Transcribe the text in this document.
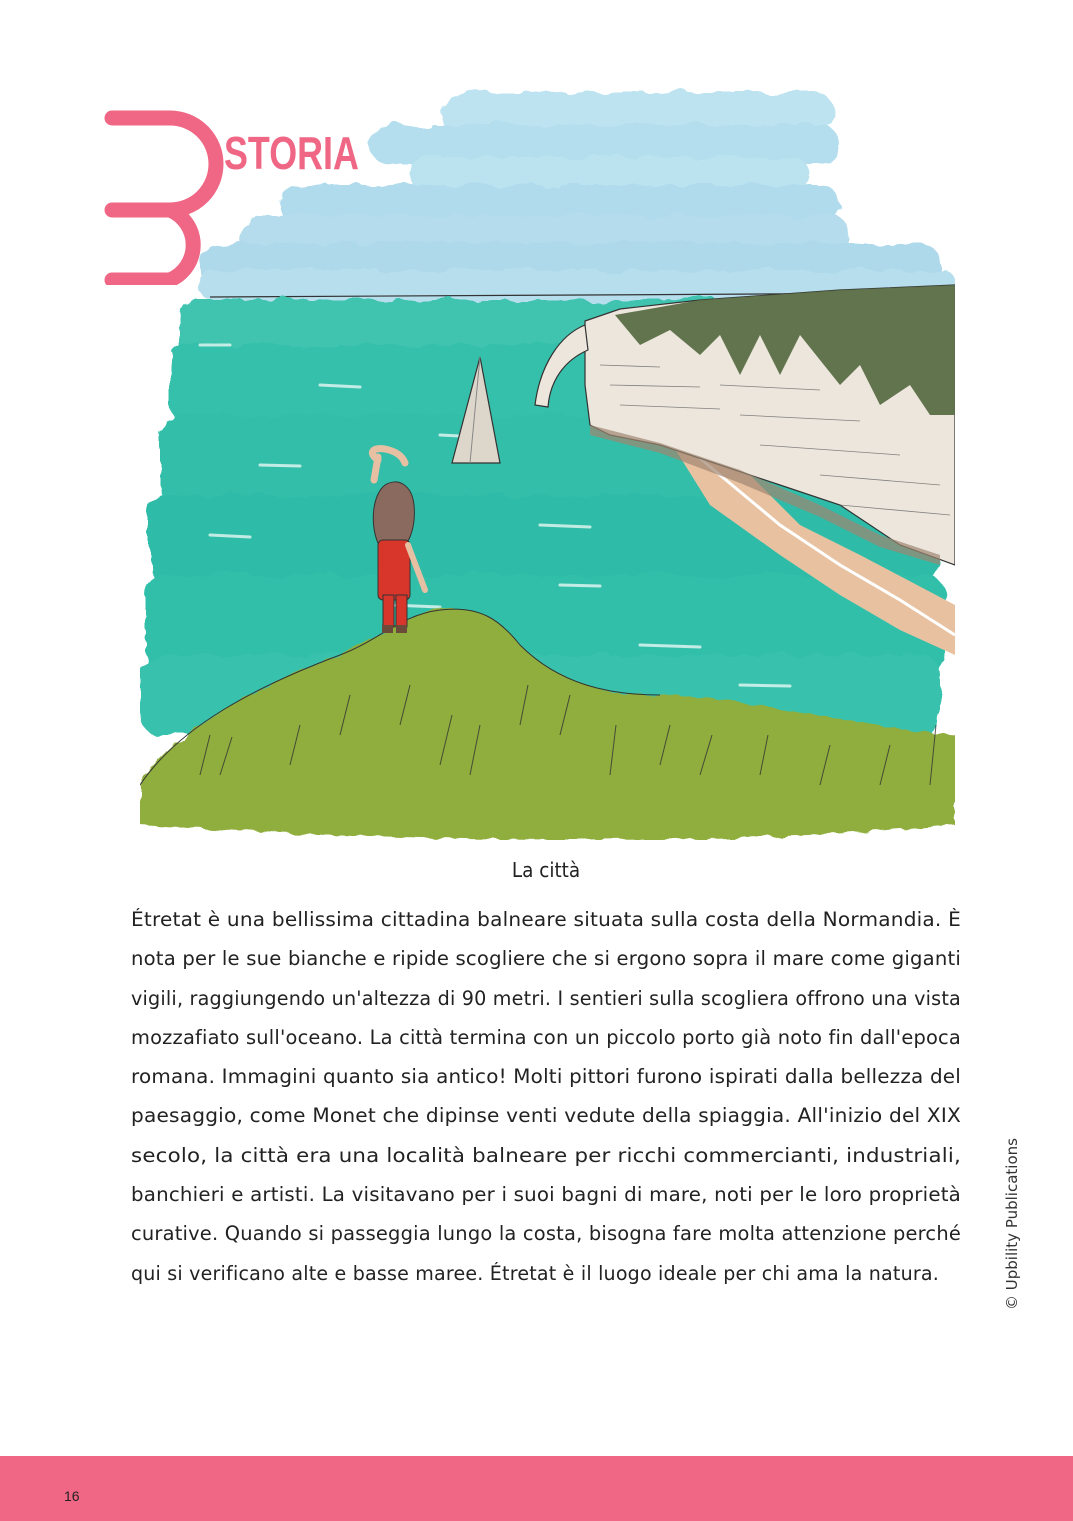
STORIA
La città
Étretat è una bellissima cittadina balneare situata sulla costa della Normandia. È
nota per le sue bianche e ripide scogliere che si ergono sopra il mare come giganti
vigili, raggiungendo un'altezza di 90 metri. I sentieri sulla scogliera offrono una vista
mozzafiato sull'oceano. La città termina con un piccolo porto già noto fin dall'epoca
romana. Immagini quanto sia antico! Molti pittori furono ispirati dalla bellezza del
paesaggio, come Monet che dipinse venti vedute della spiaggia. All'inizio del XIX
secolo, la città era una località balneare per ricchi commercianti, industriali,
banchieri e artisti. La visitavano per i suoi bagni di mare, noti per le loro proprietà
curative. Quando si passeggia lungo la costa, bisogna fare molta attenzione perché
qui si verificano alte e basse maree. Étretat è il luogo ideale per chi ama la natura.	© Upbility Publications
16
